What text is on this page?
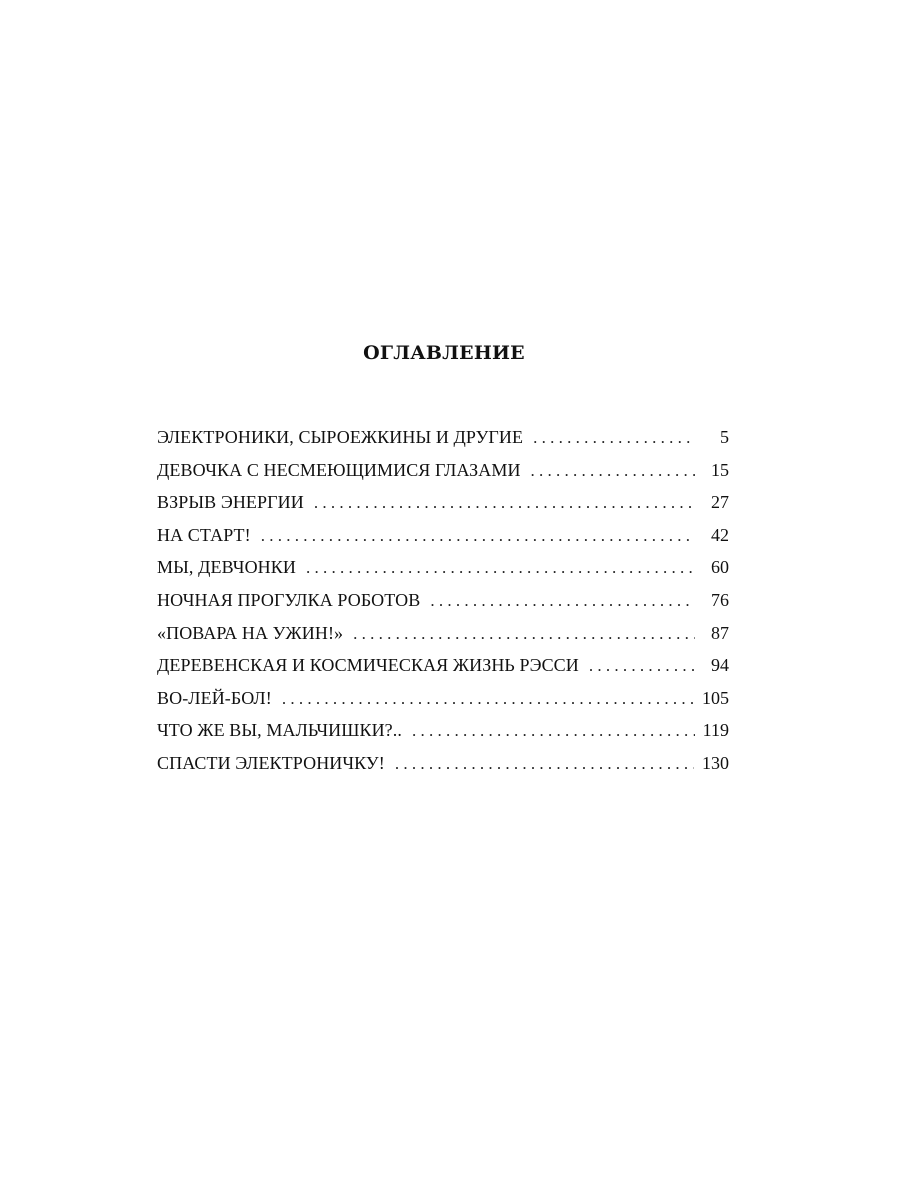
ОГЛАВЛЕНИЕ
ЭЛЕКТРОНИКИ, СЫРОЕЖКИНЫ И ДРУГИЕ . . .	5
ДЕВОЧКА С НЕСМЕЮЩИМИСЯ ГЛАЗАМИ . . .	15
ВЗРЫВ ЭНЕРГИИ . . .	27
НА СТАРТ! . . .	42
МЫ, ДЕВЧОНКИ . . .	60
НОЧНАЯ ПРОГУЛКА РОБОТОВ . . .	76
«ПОВАРА НА УЖИН!» . . .	87
ДЕРЕВЕНСКАЯ И КОСМИЧЕСКАЯ ЖИЗНЬ РЭССИ . . .	94
ВО-ЛЕЙ-БОЛ! . . .	105
ЧТО ЖЕ ВЫ, МАЛЬЧИШКИ?.. . . .	119
СПАСТИ ЭЛЕКТРОНИЧКУ! . . .	130
